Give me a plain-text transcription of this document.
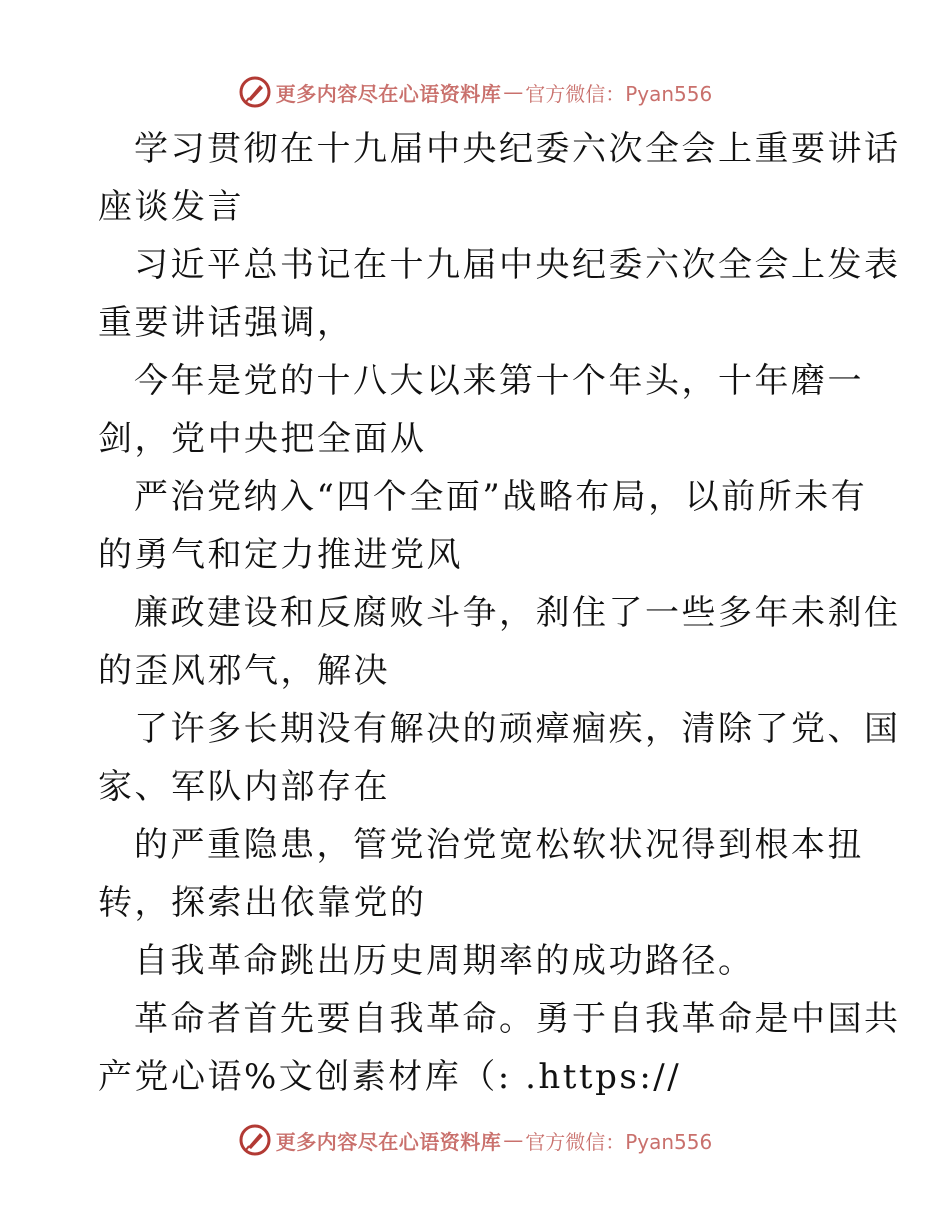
更多内容尽在心语资料库 — 官方微信：Pyan556
学习贯彻在十九届中央纪委六次全会上重要讲话
座谈发言
习近平总书记在十九届中央纪委六次全会上发表
重要讲话强调，
今年是党的十八大以来第十个年头，十年磨一
剑，党中央把全面从
严治党纳入“四个全面”战略布局，以前所未有
的勇气和定力推进党风
廉政建设和反腐败斗争，刹住了一些多年未刹住
的歪风邪气，解决
了许多长期没有解决的顽瘴痼疾，清除了党、国
家、军队内部存在
的严重隐患，管党治党宽松软状况得到根本扭
转，探索出依靠党的
自我革命跳出历史周期率的成功路径。
革命者首先要自我革命。勇于自我革命是中国共
产党心语%文创素材库（: .https://
更多内容尽在心语资料库 — 官方微信：Pyan556
